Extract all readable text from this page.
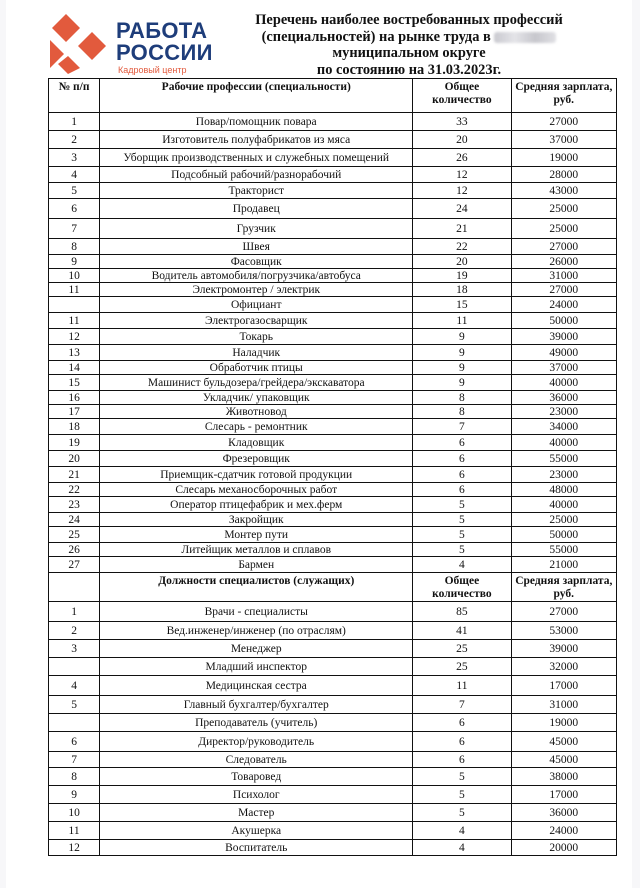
РАБОТА
РОССИИ
Кадровый центр
Перечень наиболее востребованных профессий
(специальностей) на рынке труда в
муниципальном округе
по состоянию на 31.03.2023г.
№ п/п	Рабочие профессии (специальности)	Общее количество	Средняя зарплата, руб.
1	Повар/помощник повара	33	27000
2	Изготовитель полуфабрикатов из мяса	20	37000
3	Уборщик производственных и служебных помещений	26	19000
4	Подсобный рабочий/разнорабочий	12	28000
5	Тракторист	12	43000
6	Продавец	24	25000
7	Грузчик	21	25000
8	Швея	22	27000
9	Фасовщик	20	26000
10	Водитель автомобиля/погрузчика/автобуса	19	31000
11	Электромонтер / электрик	18	27000
	Официант	15	24000
11	Электрогазосварщик	11	50000
12	Токарь	9	39000
13	Наладчик	9	49000
14	Обработчик птицы	9	37000
15	Машинист бульдозера/грейдера/экскаватора	9	40000
16	Укладчик/ упаковщик	8	36000
17	Животновод	8	23000
18	Слесарь - ремонтник	7	34000
19	Кладовщик	6	40000
20	Фрезеровщик	6	55000
21	Приемщик-сдатчик готовой продукции	6	23000
22	Слесарь механосборочных работ	6	48000
23	Оператор птицефабрик и мех.ферм	5	40000
24	Закройщик	5	25000
25	Монтер пути	5	50000
26	Литейщик металлов и сплавов	5	55000
27	Бармен	4	21000
	Должности специалистов (служащих)	Общее количество	Средняя зарплата, руб.
1	Врачи - специалисты	85	27000
2	Вед.инженер/инженер (по отраслям)	41	53000
3	Менеджер	25	39000
	Младший инспектор	25	32000
4	Медицинская сестра	11	17000
5	Главный бухгалтер/бухгалтер	7	31000
	Преподаватель (учитель)	6	19000
6	Директор/руководитель	6	45000
7	Следователь	6	45000
8	Товаровед	5	38000
9	Психолог	5	17000
10	Мастер	5	36000
11	Акушерка	4	24000
12	Воспитатель	4	20000
